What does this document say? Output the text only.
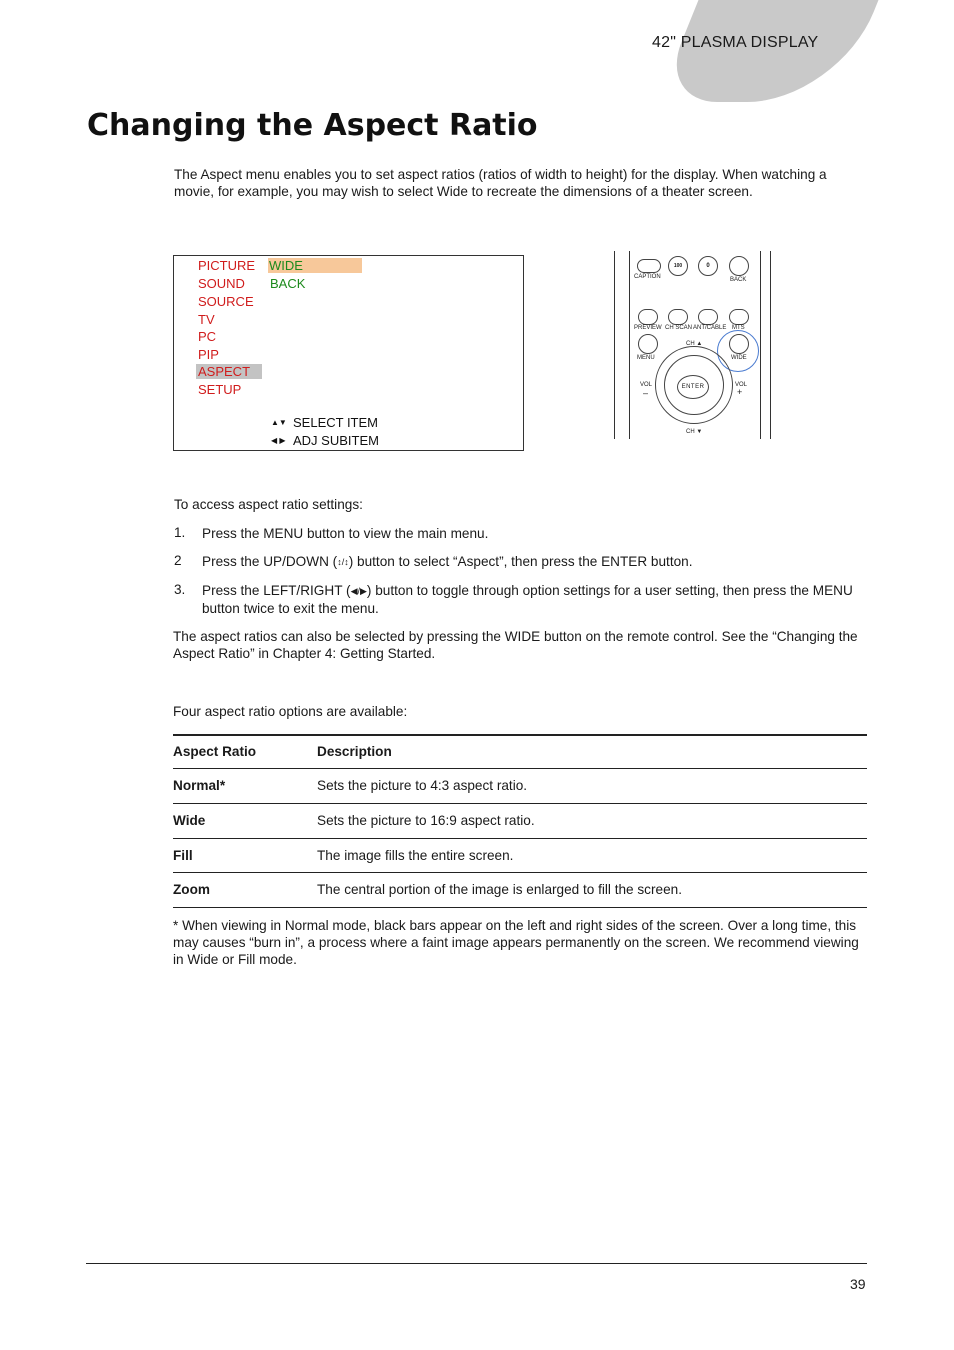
42" PLASMA DISPLAY
Changing the Aspect Ratio

The Aspect menu enables you to set aspect ratios (ratios of width to height) for the display. When watching a movie, for example, you may wish to select Wide to recreate the dimensions of a theater screen.

PICTURE
SOUND
SOURCE
TV
PC
PIP
ASPECT
SETUP
WIDE
BACK
▲▼ SELECT ITEM
◀ ▶ ADJ SUBITEM
CAPTION
100	0
BACK
PREVIEW CH SCAN ANT/CABLE MTS
MENU	WIDE
ENTER
CH ▲
CH ▼
VOL
–
VOL
+

To access aspect ratio settings:

1. Press the MENU button to view the main menu.

2 Press the UP/DOWN (↕/↕) button to select “Aspect”, then press the ENTER button.

3. Press the LEFT/RIGHT (◀/▶) button to toggle through option settings for a user setting, then press the MENU button twice to exit the menu.

The aspect ratios can also be selected by pressing the WIDE button on the remote control. See the “Changing the Aspect Ratio” in Chapter 4: Getting Started.

Four aspect ratio options are available:

Aspect Ratio	Description
Normal*	Sets the picture to 4:3 aspect ratio.
Wide	Sets the picture to 16:9 aspect ratio.
Fill	The image fills the entire screen.
Zoom	The central portion of the image is enlarged to fill the screen.

* When viewing in Normal mode, black bars appear on the left and right sides of the screen. Over a long time, this may causes “burn in”, a process where a faint image appears permanently on the screen. We recommend viewing in Wide or Fill mode.

39
